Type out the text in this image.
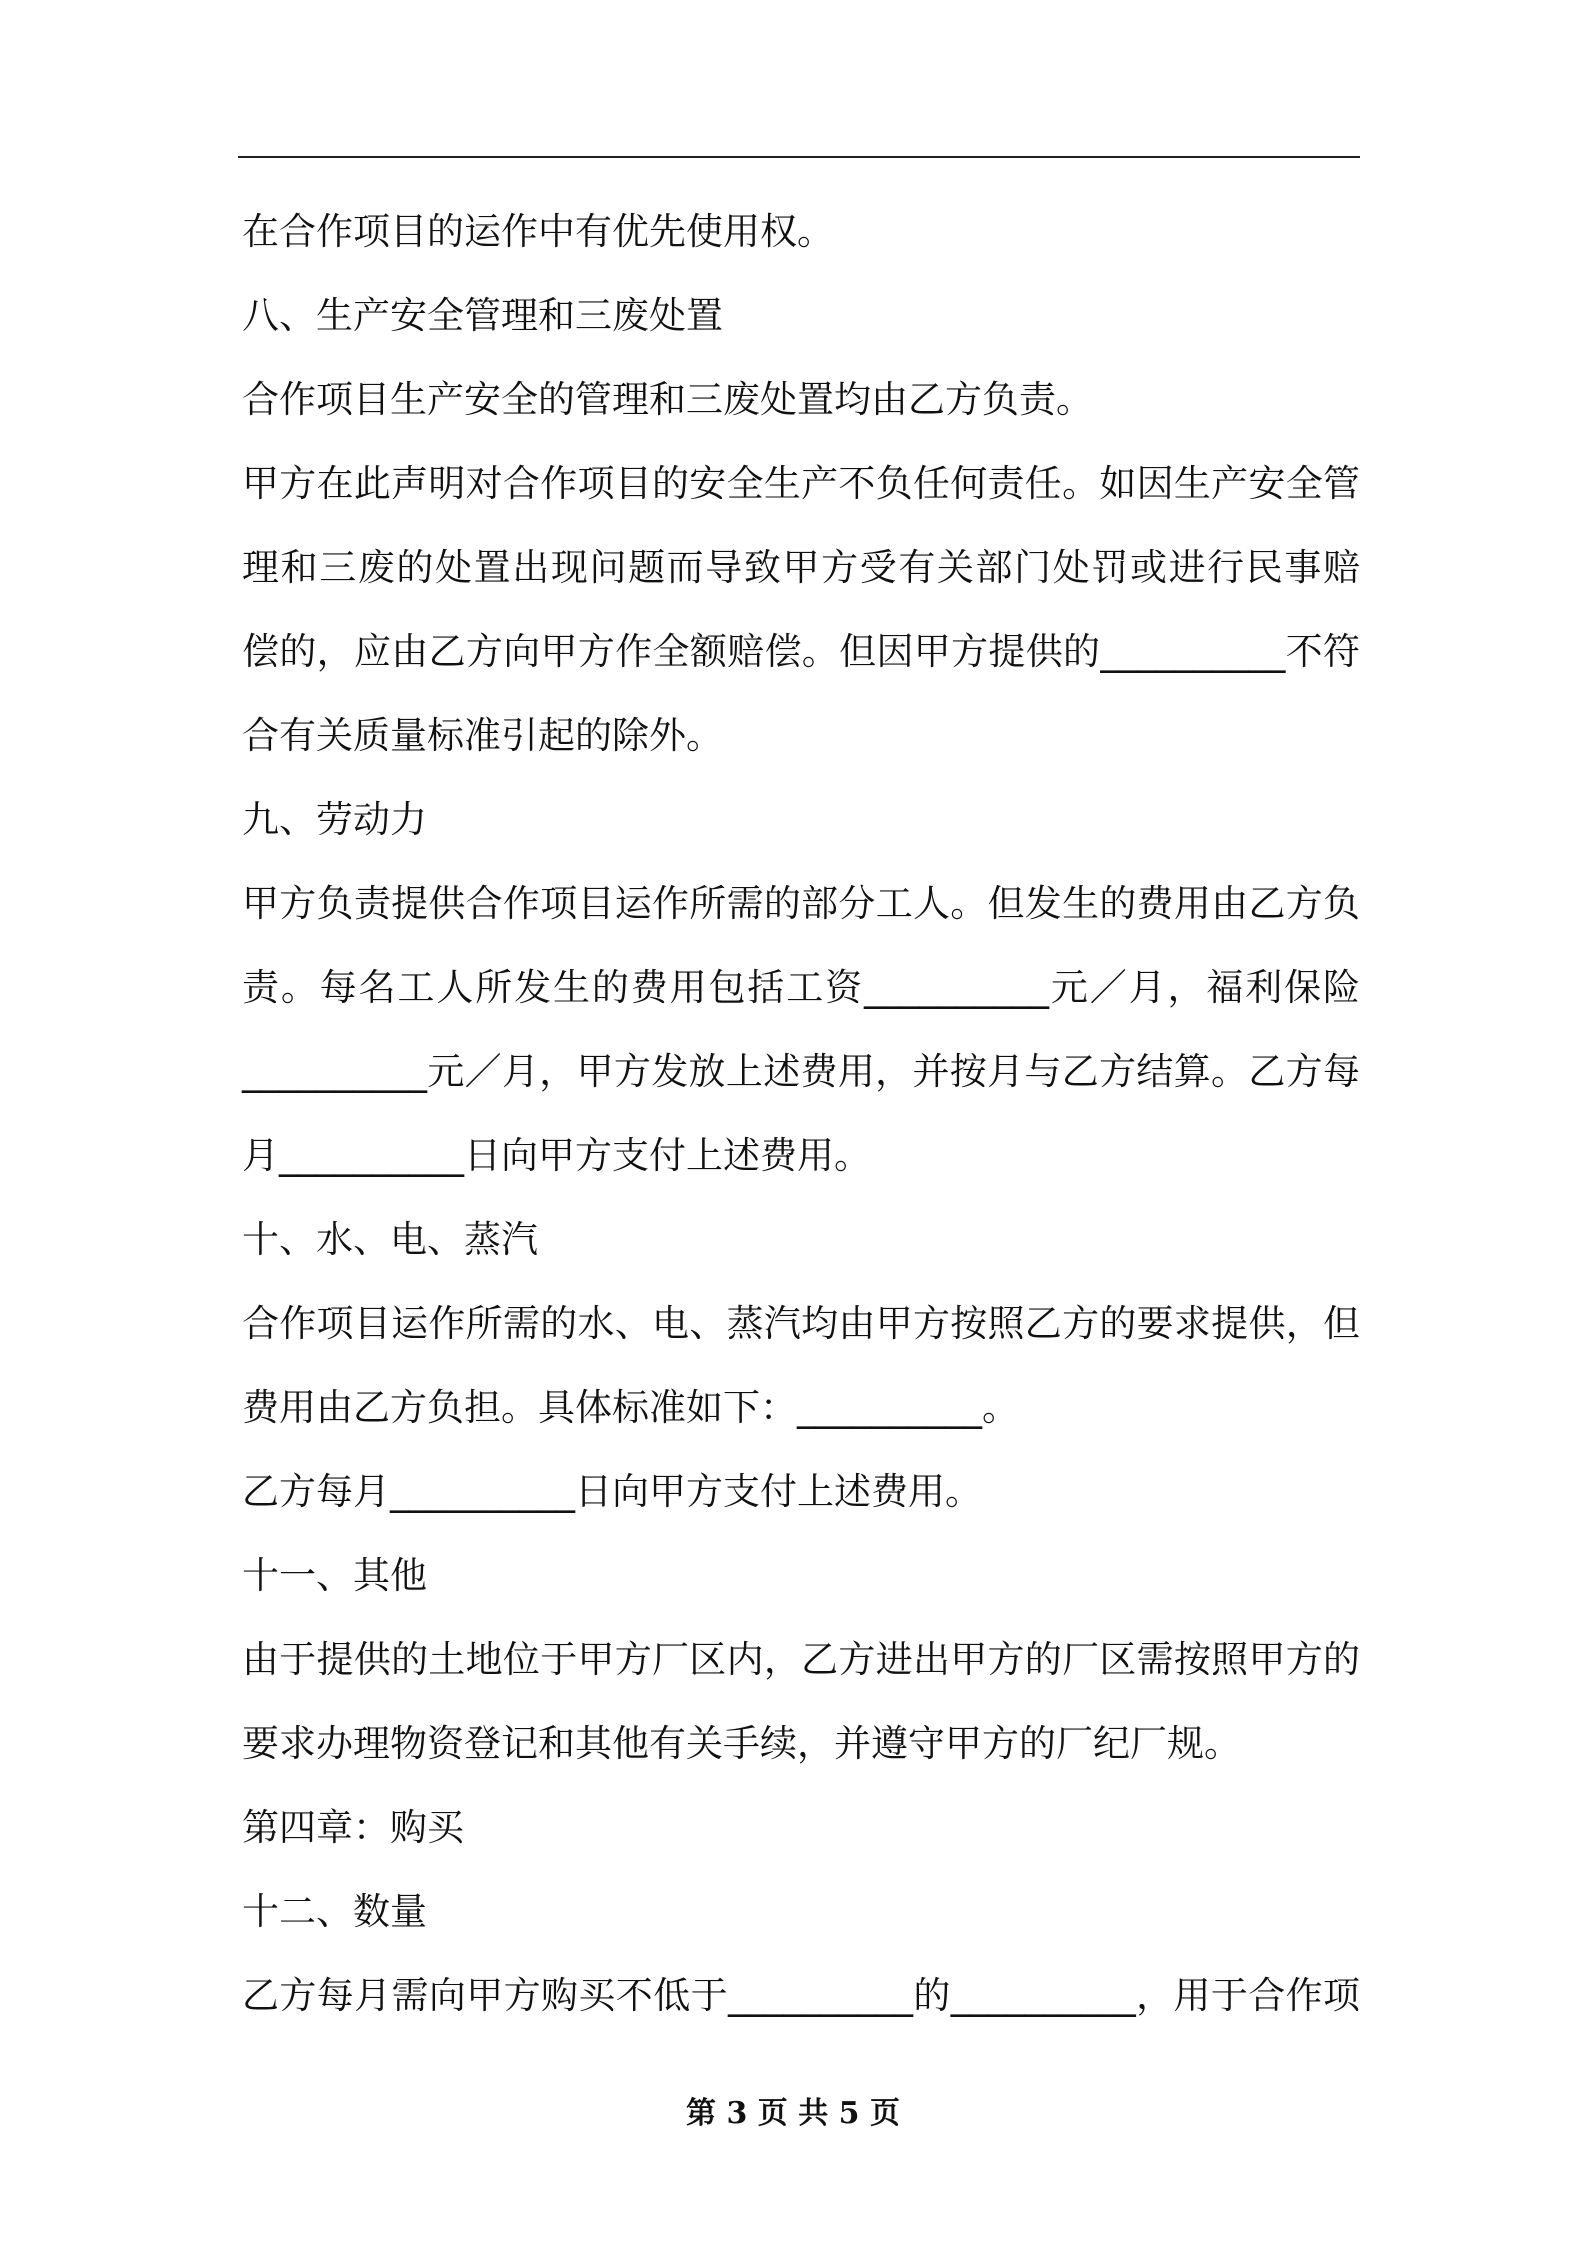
在合作项目的运作中有优先使用权。
八、生产安全管理和三废处置
合作项目生产安全的管理和三废处置均由乙方负责。
甲方在此声明对合作项目的安全生产不负任何责任。如因生产安全管
理和三废的处置出现问题而导致甲方受有关部门处罚或进行民事赔
偿的，应由乙方向甲方作全额赔偿。但因甲方提供的__________不符
合有关质量标准引起的除外。
九、劳动力
甲方负责提供合作项目运作所需的部分工人。但发生的费用由乙方负
责。每名工人所发生的费用包括工资__________元／月，福利保险
__________元／月，甲方发放上述费用，并按月与乙方结算。乙方每
月__________日向甲方支付上述费用。
十、水、电、蒸汽
合作项目运作所需的水、电、蒸汽均由甲方按照乙方的要求提供，但
费用由乙方负担。具体标准如下：__________。
乙方每月__________日向甲方支付上述费用。
十一、其他
由于提供的土地位于甲方厂区内，乙方进出甲方的厂区需按照甲方的
要求办理物资登记和其他有关手续，并遵守甲方的厂纪厂规。
第四章：购买
十二、数量
乙方每月需向甲方购买不低于__________的__________，用于合作项
第 3 页 共 5 页
